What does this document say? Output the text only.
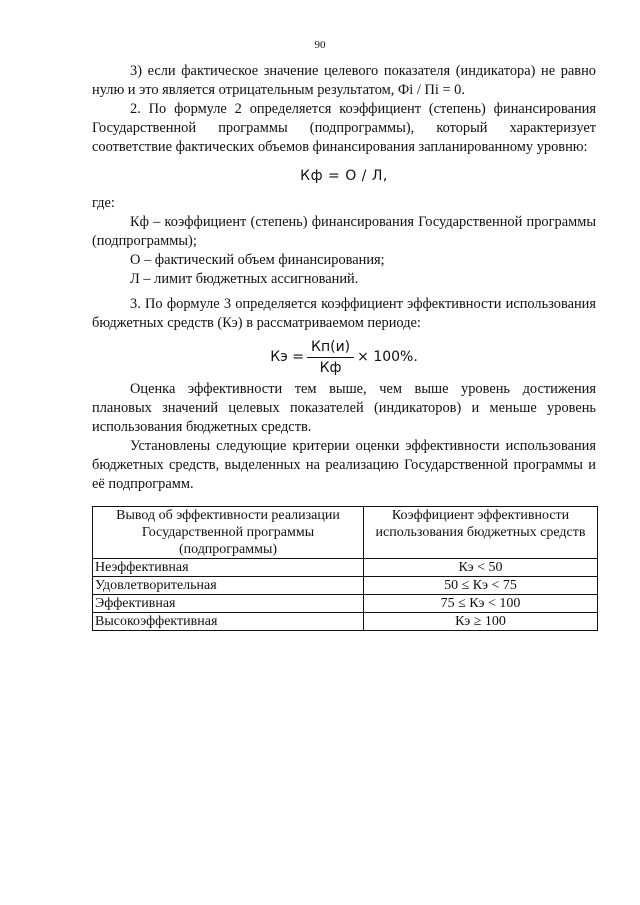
90

3) если фактическое значение целевого показателя (индикатора) не равно нулю и это является отрицательным результатом, Фi / Пi = 0.

2. По формуле 2 определяется коэффициент (степень) финансирования Государственной программы (подпрограммы), который характеризует соответствие фактических объемов финансирования запланированному уровню:

Кф = О / Л,

где:

Кф – коэффициент (степень) финансирования Государственной программы (подпрограммы);

О – фактический объем финансирования;

Л – лимит бюджетных ассигнований.

3. По формуле 3 определяется коэффициент эффективности использования бюджетных средств (Кэ) в рассматриваемом периоде:

Кэ = $\frac{Кп(и)}{Кф} \times 100\%$.

Оценка эффективности тем выше, чем выше уровень достижения плановых значений целевых показателей (индикаторов) и меньше уровень использования бюджетных средств.

Установлены следующие критерии оценки эффективности использования бюджетных средств, выделенных на реализацию Государственной программы и её подпрограмм.

Вывод об эффективности реализации Государственной программы (подпрограммы)	Коэффициент эффективности использования бюджетных средств
Неэффективная	Кэ < 50
Удовлетворительная	50 ≤ Кэ < 75
Эффективная	75 ≤ Кэ < 100
Высокоэффективная	Кэ ≥ 100
